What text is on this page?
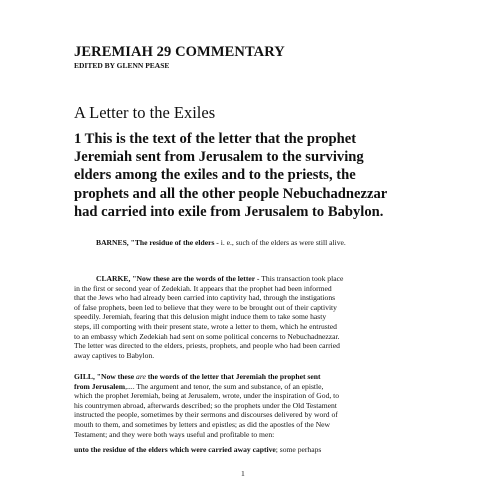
JEREMIAH 29 COMMENTARY
EDITED BY GLENN PEASE
A Letter to the Exiles
1 This is the text of the letter that the prophet
Jeremiah sent from Jerusalem to the surviving
elders among the exiles and to the priests, the
prophets and all the other people Nebuchadnezzar
had carried into exile from Jerusalem to Babylon.
BARNES, "The residue of the elders - i. e., such of the elders as were still alive.
CLARKE, "Now these are the words of the letter - This transaction took place
in the first or second year of Zedekiah. It appears that the prophet had been informed
that the Jews who had already been carried into captivity had, through the instigations
of false prophets, been led to believe that they were to be brought out of their captivity
speedily. Jeremiah, fearing that this delusion might induce them to take some hasty
steps, ill comporting with their present state, wrote a letter to them, which he entrusted
to an embassy which Zedekiah had sent on some political concerns to Nebuchadnezzar.
The letter was directed to the elders, priests, prophets, and people who had been carried
away captives to Babylon.
GILL, "Now these are the words of the letter that Jeremiah the prophet sent
from Jerusalem,.... The argument and tenor, the sum and substance, of an epistle,
which the prophet Jeremiah, being at Jerusalem, wrote, under the inspiration of God, to
his countrymen abroad, afterwards described; so the prophets under the Old Testament
instructed the people, sometimes by their sermons and discourses delivered by word of
mouth to them, and sometimes by letters and epistles; as did the apostles of the New
Testament; and they were both ways useful and profitable to men:
unto the residue of the elders which were carried away captive; some perhaps
1
